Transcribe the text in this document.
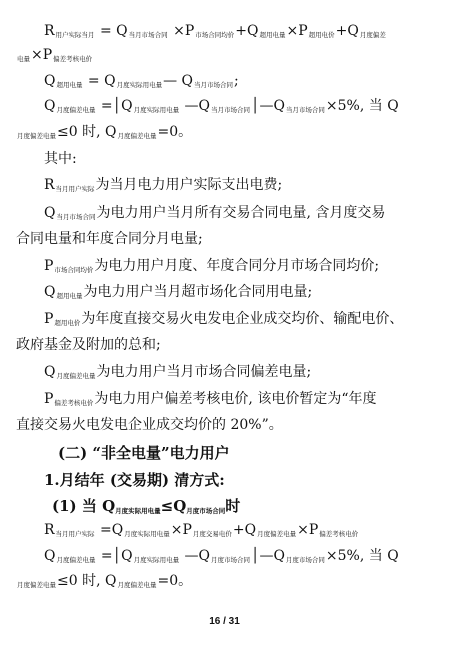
R用户实际当月 = Q当月市场合同 ×P市场合同均价+Q超用电量×P超用电价+Q月度偏差
电量×P偏差考核电价
Q超用电量 = Q月度实际用电量— Q当月市场合同;
Q月度偏差电量 =│Q月度实际用电量 —Q当月市场合同│—Q当月市场合同×5%, 当 Q
月度偏差电量≤0 时, Q月度偏差电量=0。
其中:
R当月用户实际为当月电力用户实际支出电费;
Q当月市场合同为电力用户当月所有交易合同电量, 含月度交易
合同电量和年度合同分月电量;
P市场合同均价为电力用户月度、年度合同分月市场合同均价;
Q超用电量为电力用户当月超市场化合同用电量;
P超用电价为年度直接交易火电发电企业成交均价、输配电价、
政府基金及附加的总和;
Q月度偏差电量为电力用户当月市场合同偏差电量;
P偏差考核电价为电力用户偏差考核电价, 该电价暂定为“年度
直接交易火电发电企业成交均价的 20%”。
(二) “非全电量”电力用户
1.月结年 (交易期) 清方式:
(1) 当 Q月度实际用电量≤Q月度市场合同时
R当月用户实际 =Q月度实际用电量×P月度交易电价+Q月度偏差电量×P偏差考核电价
Q月度偏差电量 =│Q月度实际用电量 —Q月度市场合同│—Q月度市场合同×5%, 当 Q
月度偏差电量≤0 时, Q月度偏差电量=0。
16 / 31
